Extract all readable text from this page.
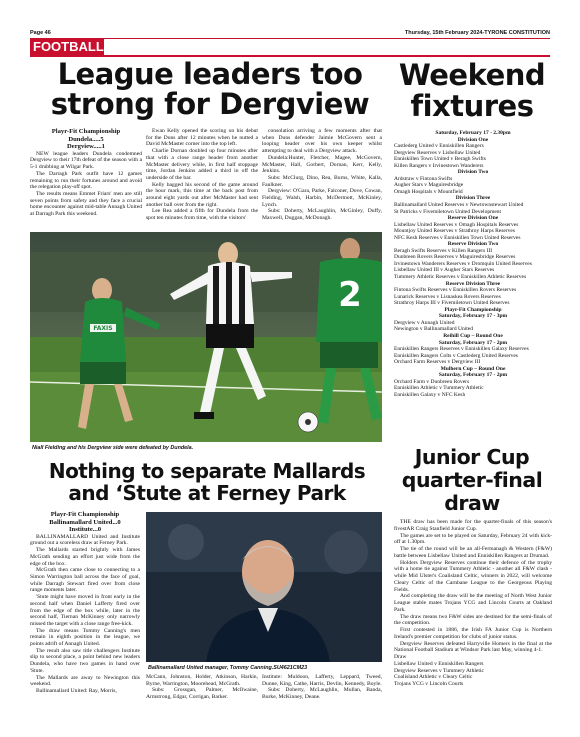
Page 46	Thursday, 15th February 2024-TYRONE CONSTITUTION
FOOTBALL
League leaders too
strong for Dergview
Playr-Fit Championship
Dundela.....5
Dergview.....1

NEW league leaders Dundela condemned Dergview to their 17th defeat of the season with a 5-1 drubbing at Wilgar Park.

The Darragh Park outfit have 12 games remaining to run their fortunes around and avoid the relegation play-off spot.

The results means Emmet Friars' men are still seven points from safety and they face a crucial home encounter against mid-table Annagh United at Darragh Park this weekend.

Ewan Kelly opened the scoring on his debut for the Duns after 12 minutes when he nutted a David McMaster corner into the top left.

Charlie Dornan doubled up four minutes after that with a close range header from another McMaster delivery while, in first half stoppage time, Jordan Jenkins added a third in off the underside of the bar.

Kelly bagged his second of the game around the hour mark, this time at the back post from around eight yards out after McMaster had sent another ball over from the right.

Lee Rea added a fifth for Dundela from the spot ten minutes from time, with the visitors'

consolation arriving a few moments after that when Duns defender Jaimie McGovern sent a looping header over his own keeper whilst attempting to deal with a Dergview attack.

Dundela:Hunter, Fletcher, Magee, McGovern, McMaster, Hall, Gorbert, Dornan, Kerr, Kelly, Jenkins.

Subs: McClurg, Dino, Rea, Burns, White, Kalla, Faulkner.

Dergview: O'Gara, Parke, Falconer, Dove, Cowan, Fielding, Walsh, Harbin, McDermott, McKinley, Lynch.

Subs: Doherty, McLaughlin, McGinley, Duffy, Maxwell, Duggan, McDonagh.

FAXIS
2
Niall Fielding and his Dergview side were defeated by Dundela.
Nothing to separate Mallards
and ‘Stute at Ferney Park
Playr-Fit Championship
Ballinamallard United...0
Institute...0

BALLINAMALLARD United and Institute ground out a scoreless draw at Ferney Park.

The Mallards started brightly with James McGrath sending an effort just wide from the edge of the box.

McGrath then came close to connecting to a Simon Warrington ball across the face of goal, while Darragh Stewart fired over from close range moments later.

'Stute might have moved in front early in the second half when Daniel Lafferty fired over from the edge of the box while, later in the second half, Tiernan McKinney only narrowly missed the target with a close range free-kick.

The draw means Tommy Canning's men remain in eighth position in the league, we points adrift of Annagh United.

The result also saw title challengers Institute slip to second place, a point behind new leaders Dundela, who have two games in hand over 'Stute.

The Mallards are away to Newington this weekend.

Ballinamallard United: Ray, Morris,

Ballinamallard United manager, Tommy Canning.SU4621CM23

McCann, Johnston, Holder, Atkinson, Harkin, Byrne, Warrington, Moorehead, McGrath.

Subs: Grossgan, Palmer, McIlwaine, Armstrong, Edgar, Corrigan, Barker.

Institute: Muldoon, Lafferty, Leppard, Tweed, Dunne, King, Cathe, Harris, Devlin, Kennedy, Boyle.

Subs: Doherty, McLaughlin, Mullan, Banda, Burke, McKinney, Deane.

Weekend
fixtures
Saturday, February 17 - 2.30pm
Division One
Castlederg United v Enniskillen Rangers
Dergview Reserves v Lisbellaw United
Enniskillen Town United v Beragh Swifts
Killen Rangers v Irvinestown Wanderers
Division Two
Ardstraw v Fintona Swifts
Augher Stars v Maguiresbridge
Omagh Hospitals v Mountfield
Division Three
Ballinamallard United Reserves v Newtownstewart United
St Patricks v Fivemiletown United Development
Reserve Division One
Lisbellaw United Reserves v Omagh Hospitals Reserves
Mountjoy United Reserves v Strathroy Harps Reserves
NFC Kesh Reserves v Enniskillen Town United Reserves
Reserve Division Two
Beragh Swifts Reserves v Killen Rangers III
Dunbreen Rovers Reserves v Maguiresbridge Reserves
Irvinestown Wanderers Reserves v Dromquin United Reserves
Lisbellaw United III v Augher Stars Reserves
Tummery Athletic Reserves v Enniskillen Athletic Reserves
Reserve Division Three
Fintona Swifts Reserves v Enniskillen Rovers Reserves
Lunarick Reserves v Lisnaskea Rovers Reserves
Strathroy Harps III v Fivemiletown United Reserves
Playr-Fit Championship
Saturday, February 17 - 3pm
Dergview v Annagh United
Newington v Ballinamallard United
Reihill Cup – Round One
Saturday, February 17 - 2pm
Enniskillen Rangers Reserves v Enniskillen Galaxy Reserves
Enniskillen Rangers Colts v Castlederg United Reserves
Orchard Farm Reserves v Dergview III
Mulhern Cup – Round One
Saturday, February 17 - 2pm
Orchard Farm v Dunbreen Rovers
Enniskillen Athletic v Tummery Athletic
Enniskillen Galaxy v NFC Kesh
Junior Cup
quarter-final
draw

THE draw has been made for the quarter-finals of this season's fivestAR Craig Stanfield Junior Cup.

The games are set to be played on Saturday, February 24 with kick-off at 1.30pm.

The tie of the round will be an all-Fermanagh & Western (F&W) battle between Lisbellaw United and Enniskillen Rangers at Drumad.

Holders Dergview Reserves continue their defence of the trophy with a home tie against Tummery Athletic - another all F&W clash - while Mid Ulster's Coalisland Celtic, winners in 2022, will welcome Cleary Celtic of the Carnbane League to the Georgeous Playing Fields.

And completing the draw will be the meeting of North West Junior League stable mates Trojans YCG and Lincoln Courts at Oakland Park.

The draw means two F&W sides are destined for the semi-finals of the competition.

First contested in 1886, the Irish FA Junior Cup is Northern Ireland's premier competition for clubs of junior status.

Dergview Reserves defeated Harryville Homers in the final at the National Football Stadium at Windsor Park last May, winning 4-1.

Draw
Lisbellaw United v Enniskillen Rangers
Dergview Reserves v Tummery Athletic
Coalisland Athletic v Cleary Celtic
Trojans YCG v Lincoln Courts
